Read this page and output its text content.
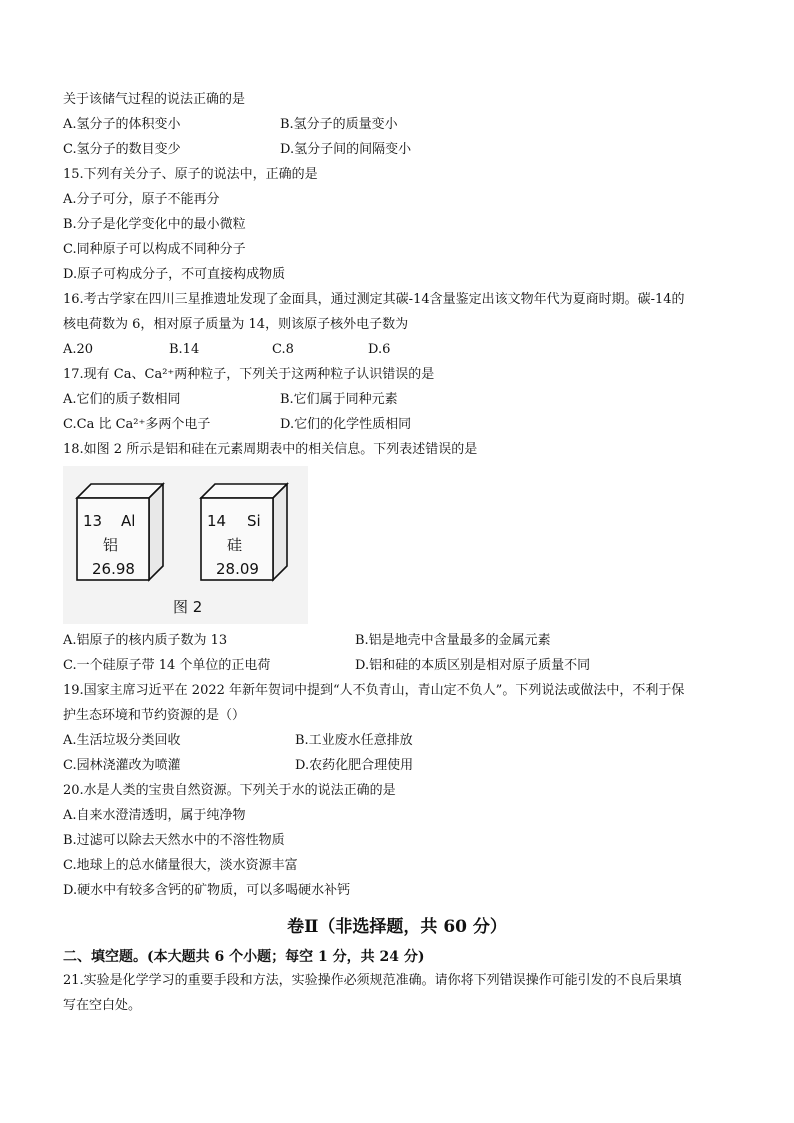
关于该储气过程的说法正确的是
A.氢分子的体积变小	B.氢分子的质量变小
C.氢分子的数目变少	D.氢分子间的间隔变小
15.下列有关分子、原子的说法中，正确的是
A.分子可分，原子不能再分
B.分子是化学变化中的最小微粒
C.同种原子可以构成不同种分子
D.原子可构成分子，不可直接构成物质
16.考古学家在四川三星推遗址发现了金面具，通过测定其碳-14含量鉴定出该文物年代为夏商时期。碳-14的
核电荷数为 6，相对原子质量为 14，则该原子核外电子数为
A.20	B.14	C.8	D.6
17.现有 Ca、Ca²⁺两种粒子，下列关于这两种粒子认识错误的是
A.它们的质子数相同	B.它们属于同种元素
C.Ca 比 Ca²⁺多两个电子	D.它们的化学性质相同
18.如图 2 所示是铝和硅在元素周期表中的相关信息。下列表述错误的是
13 Al
铝
26.98
14 Si
硅
28.09
图 2
A.铝原子的核内质子数为 13	B.铝是地壳中含量最多的金属元素
C.一个硅原子带 14 个单位的正电荷	D.铝和硅的本质区别是相对原子质量不同
19.国家主席习近平在 2022 年新年贺词中提到“人不负青山，青山定不负人”。下列说法或做法中，不利于保
护生态环境和节约资源的是（）
A.生活垃圾分类回收	B.工业废水任意排放
C.园林浇灌改为喷灌	D.农药化肥合理使用
20.水是人类的宝贵自然资源。下列关于水的说法正确的是
A.自来水澄清透明，属于纯净物
B.过滤可以除去天然水中的不溶性物质
C.地球上的总水储量很大，淡水资源丰富
D.硬水中有较多含钙的矿物质，可以多喝硬水补钙
卷Ⅱ（非选择题，共 60 分）
二、填空题。(本大题共 6 个小题；每空 1 分，共 24 分)
21.实验是化学学习的重要手段和方法，实验操作必须规范准确。请你将下列错误操作可能引发的不良后果填
写在空白处。
